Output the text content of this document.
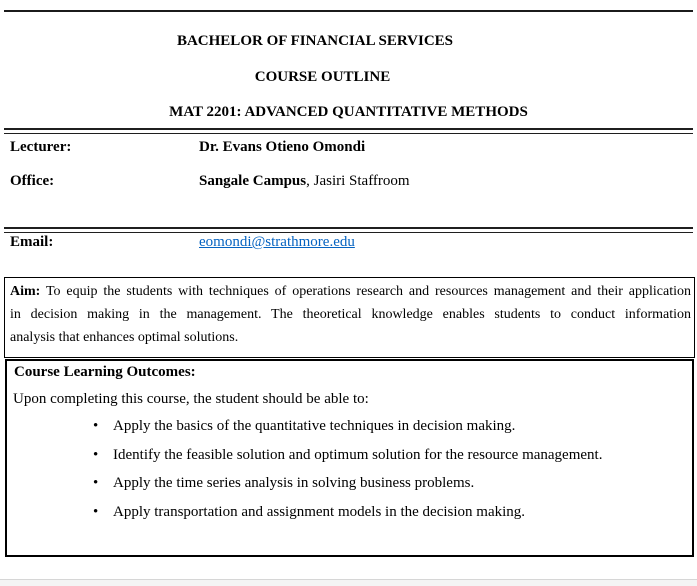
BACHELOR OF FINANCIAL SERVICES
COURSE OUTLINE
MAT 2201: ADVANCED QUANTITATIVE METHODS
Lecturer:	Dr. Evans Otieno Omondi
Office:	Sangale Campus, Jasiri Staffroom
Email:	eomondi@strathmore.edu
Aim: To equip the students with techniques of operations research and resources management and their application
in decision making in the management. The theoretical knowledge enables students to conduct information
analysis that enhances optimal solutions.
Course Learning Outcomes:
Upon completing this course, the student should be able to:
• Apply the basics of the quantitative techniques in decision making.
• Identify the feasible solution and optimum solution for the resource management.
• Apply the time series analysis in solving business problems.
• Apply transportation and assignment models in the decision making.
